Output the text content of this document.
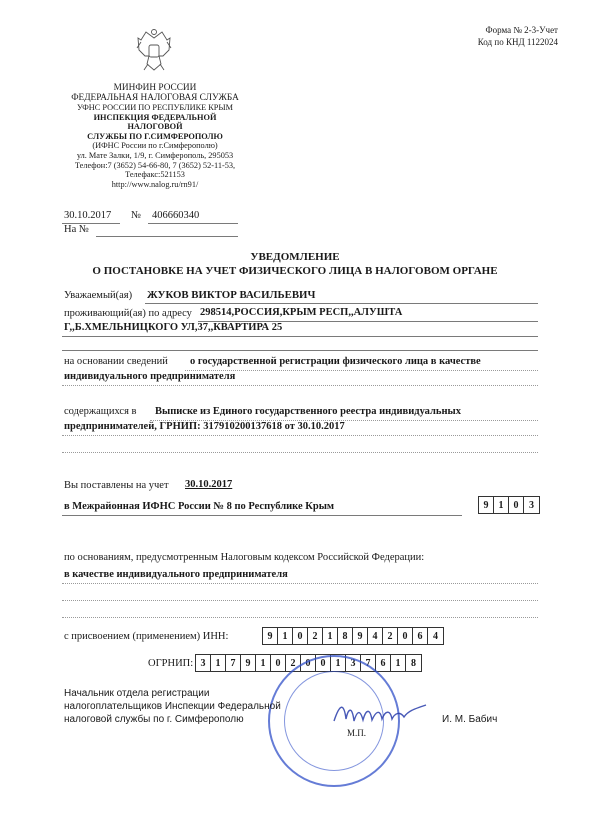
Форма № 2-3-Учет
Код по КНД 1122024
МИНФИН РОССИИ
ФЕДЕРАЛЬНАЯ НАЛОГОВАЯ СЛУЖБА
УФНС РОССИИ ПО РЕСПУБЛИКЕ КРЫМ
ИНСПЕКЦИЯ ФЕДЕРАЛЬНОЙ НАЛОГОВОЙ
СЛУЖБЫ ПО Г.СИМФЕРОПОЛЮ
(ИФНС России по г.Симферополю)
ул. Мате Залки, 1/9, г. Симферополь, 295053
Телефон:7 (3652) 54-66-80, 7 (3652) 52-11-53,
Телефакс:521153
http://www.nalog.ru/rn91/
30.10.2017 № 406660340
На №
УВЕДОМЛЕНИЕ
О ПОСТАНОВКЕ НА УЧЕТ ФИЗИЧЕСКОГО ЛИЦА В НАЛОГОВОМ ОРГАНЕ
Уважаемый(ая) ЖУКОВ ВИКТОР ВАСИЛЬЕВИЧ
проживающий(ая) по адресу 298514,РОССИЯ,КРЫМ РЕСП,,АЛУШТА
Г,,Б.ХМЕЛЬНИЦКОГО УЛ,37,,КВАРТИРА 25
на основании сведений о государственной регистрации физического лица в качестве
индивидуального предпринимателя
содержащихся в Выписке из Единого государственного реестра индивидуальных
предпринимателей, ГРНИП: 317910200137618 от 30.10.2017
Вы поставлены на учет 30.10.2017
в Межрайонная ИФНС России № 8 по Республике Крым	9	1	0	3
по основаниям, предусмотренным Налоговым кодексом Российской Федерации:
в качестве индивидуального предпринимателя
с присвоением (применением) ИНН:	9	1	0	2	1	8	9	4	2	0	6	4
ОГРНИП: 3	1	7	9	1	0	2	0	0	1	3	7	6	1	8
Начальник отдела регистрации
налогоплательщиков Инспекции Федеральной
налоговой службы по г. Симферополю
М.П.
И. М. Бабич
